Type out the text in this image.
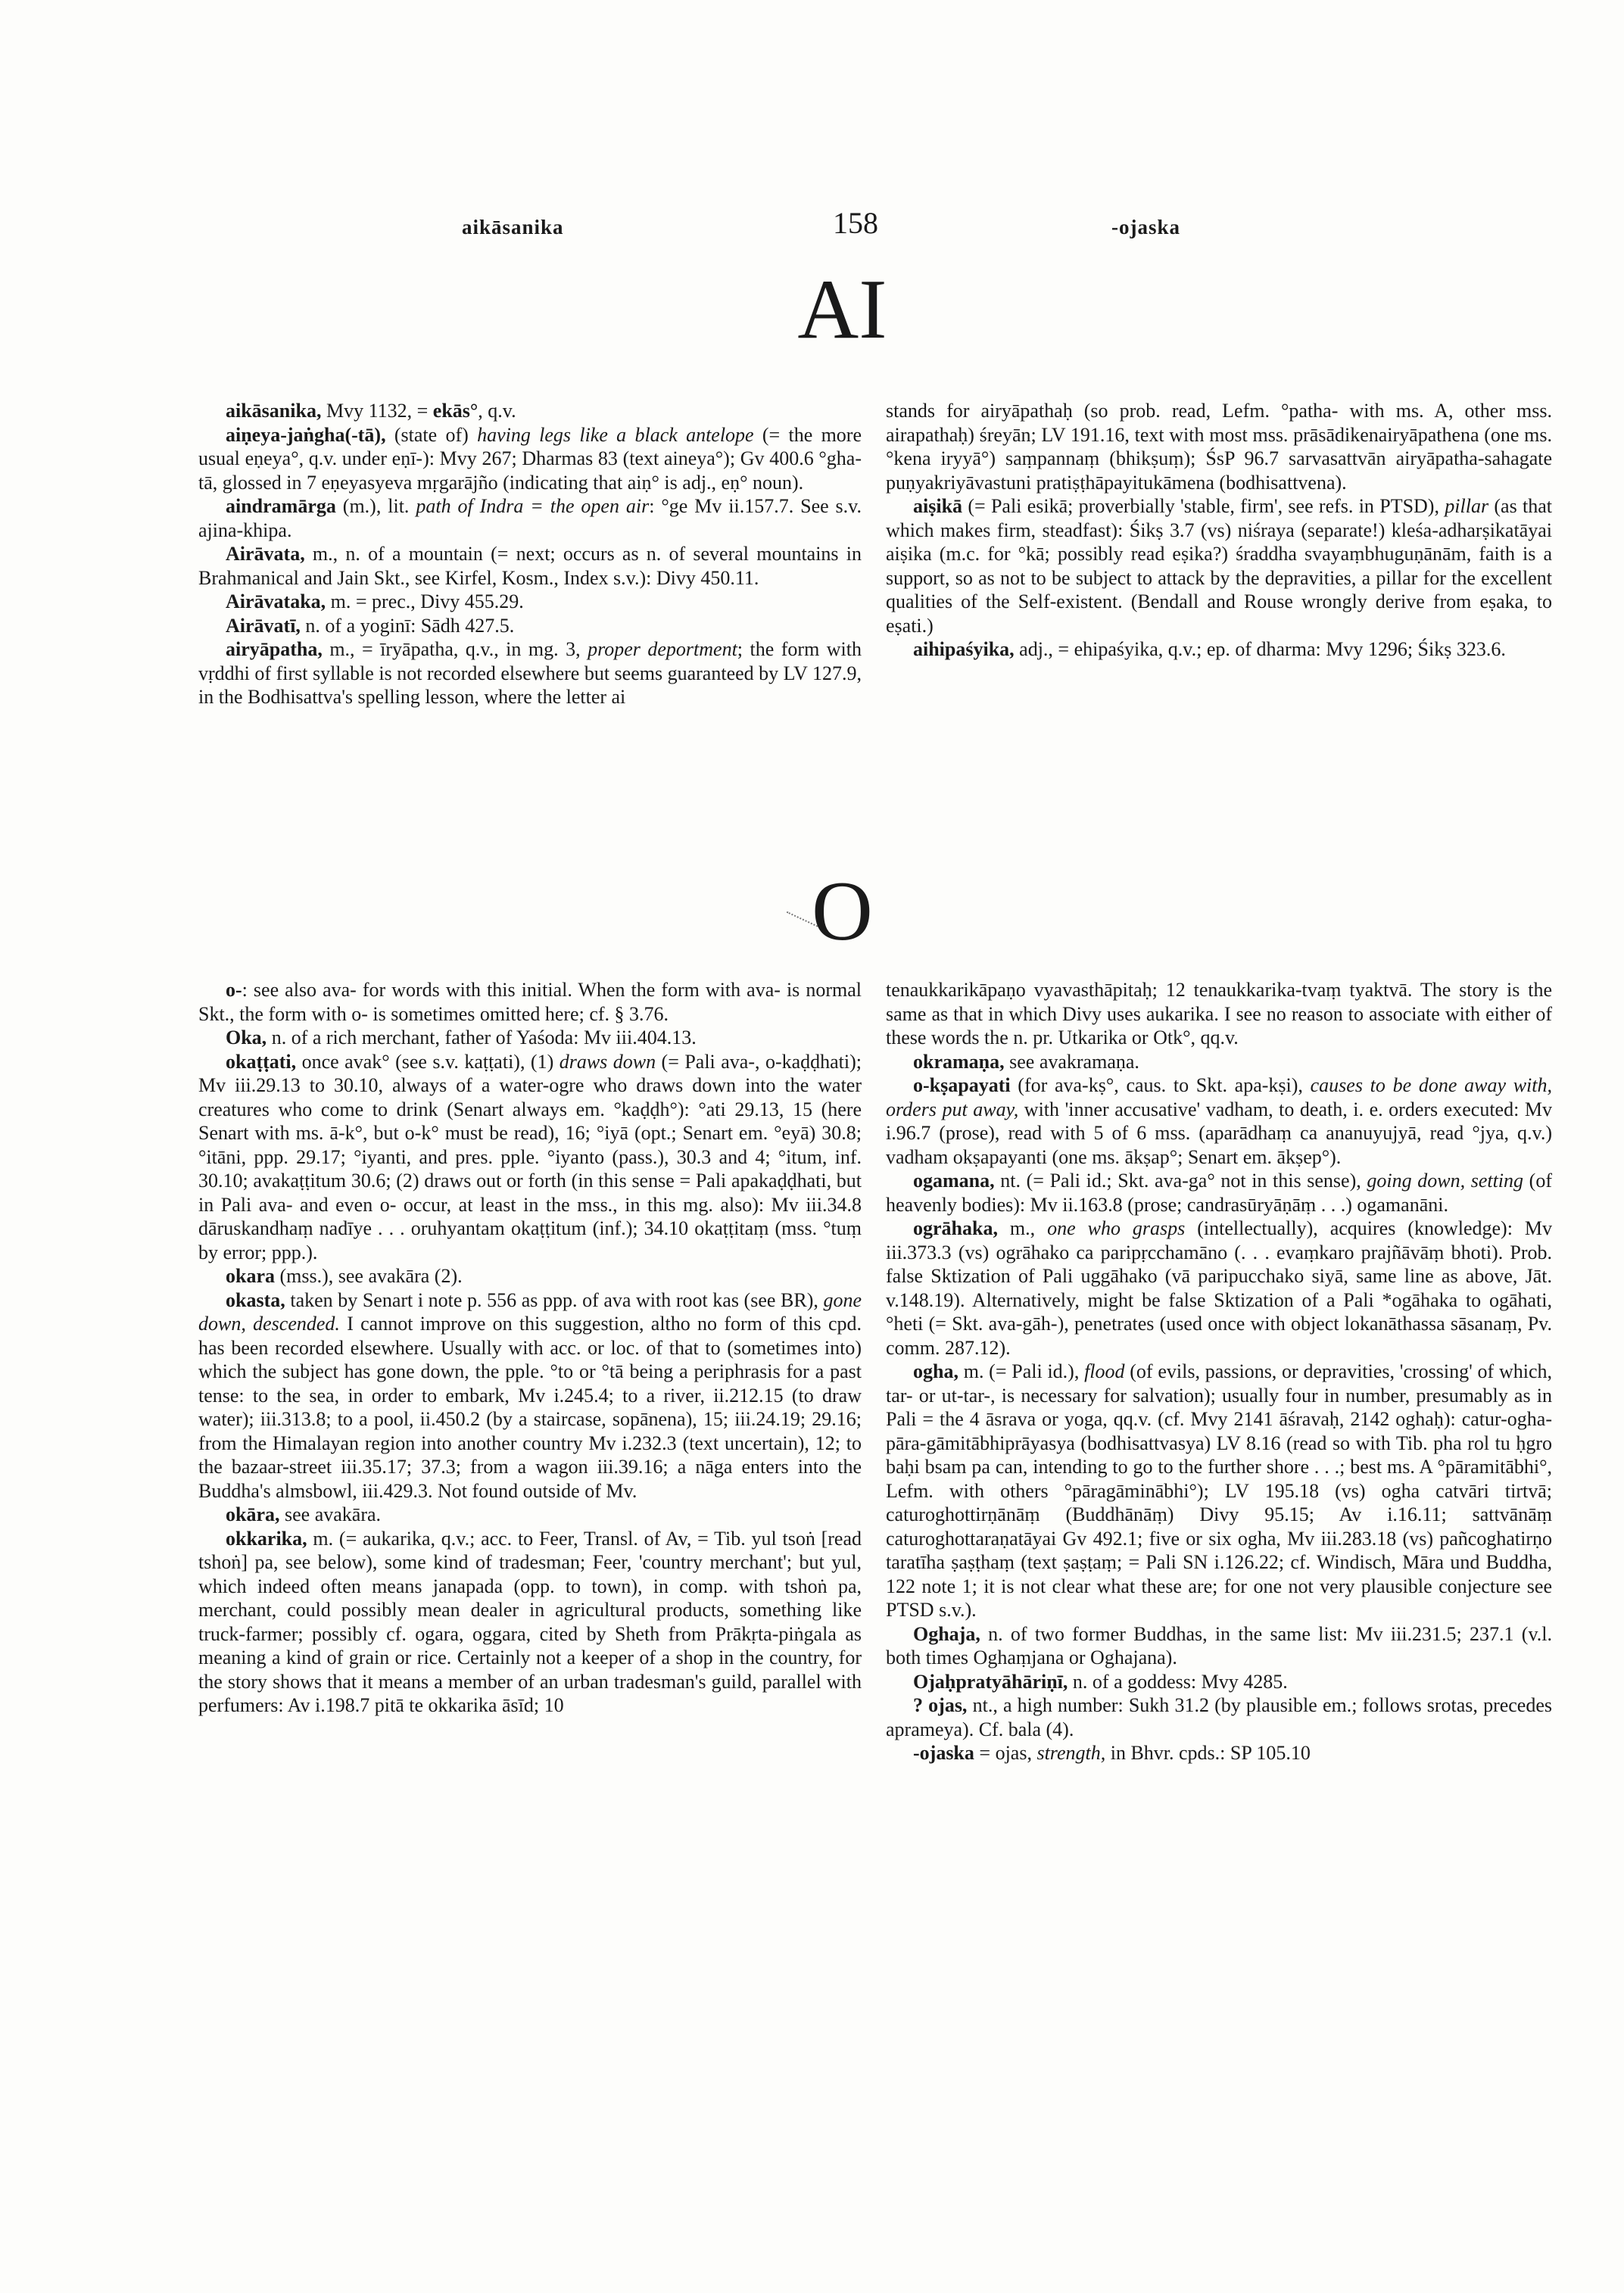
aikāsanika	158	-ojaska
AI

aikāsanika, Mvy 1132, = ekās°, q.v.

aiṇeya-jaṅgha(-tā), (state of) having legs like a black antelope (= the more usual eṇeya°, q.v. under eṇī-): Mvy 267; Dharmas 83 (text aineya°); Gv 400.6 °gha-tā, glossed in 7 eṇeyasyeva mṛgarājño (indicating that aiṇ° is adj., eṇ° noun).

aindramārga (m.), lit. path of Indra = the open air: °ge Mv ii.157.7. See s.v. ajina-khipa.

Airāvata, m., n. of a mountain (= next; occurs as n. of several mountains in Brahmanical and Jain Skt., see Kirfel, Kosm., Index s.v.): Divy 450.11.

Airāvataka, m. = prec., Divy 455.29.

Airāvatī, n. of a yoginī: Sādh 427.5.

airyāpatha, m., = īryāpatha, q.v., in mg. 3, proper deportment; the form with vṛddhi of first syllable is not recorded elsewhere but seems guaranteed by LV 127.9, in the Bodhisattva's spelling lesson, where the letter ai

stands for airyāpathaḥ (so prob. read, Lefm. °patha- with ms. A, other mss. airapathaḥ) śreyān; LV 191.16, text with most mss. prāsādikenairyāpathena (one ms. °kena iryyā°) saṃpannaṃ (bhikṣuṃ); ŚsP 96.7 sarvasattvān airyāpatha-sahagate puṇyakriyāvastuni pratiṣṭhāpayitukāmena (bodhisattvena).

aiṣikā (= Pali esikā; proverbially 'stable, firm', see refs. in PTSD), pillar (as that which makes firm, steadfast): Śikṣ 3.7 (vs) niśraya (separate!) kleśa-adharṣikatāyai aiṣika (m.c. for °kā; possibly read eṣika?) śraddha svayaṃbhuguṇānām, faith is a support, so as not to be subject to attack by the depravities, a pillar for the excellent qualities of the Self-existent. (Bendall and Rouse wrongly derive from eṣaka, to eṣati.)

aihipaśyika, adj., = ehipaśyika, q.v.; ep. of dharma: Mvy 1296; Śikṣ 323.6.

O

o-: see also ava- for words with this initial. When the form with ava- is normal Skt., the form with o- is sometimes omitted here; cf. § 3.76.

Oka, n. of a rich merchant, father of Yaśoda: Mv iii.404.13.

okaṭṭati, once avak° (see s.v. kaṭṭati), (1) draws down (= Pali ava-, o-kaḍḍhati); Mv iii.29.13 to 30.10, always of a water-ogre who draws down into the water creatures who come to drink (Senart always em. °kaḍḍh°): °ati 29.13, 15 (here Senart with ms. ā-k°, but o-k° must be read), 16; °iyā (opt.; Senart em. °eyā) 30.8; °itāni, ppp. 29.17; °iyanti, and pres. pple. °iyanto (pass.), 30.3 and 4; °itum, inf. 30.10; avakaṭṭitum 30.6; (2) draws out or forth (in this sense = Pali apakaḍḍhati, but in Pali ava- and even o- occur, at least in the mss., in this mg. also): Mv iii.34.8 dāruskandhaṃ nadīye . . . oruhyantam okaṭṭitum (inf.); 34.10 okaṭṭitaṃ (mss. °tuṃ by error; ppp.).

okara (mss.), see avakāra (2).

okasta, taken by Senart i note p. 556 as ppp. of ava with root kas (see BR), gone down, descended. I cannot improve on this suggestion, altho no form of this cpd. has been recorded elsewhere. Usually with acc. or loc. of that to (sometimes into) which the subject has gone down, the pple. °to or °tā being a periphrasis for a past tense: to the sea, in order to embark, Mv i.245.4; to a river, ii.212.15 (to draw water); iii.313.8; to a pool, ii.450.2 (by a staircase, sopānena), 15; iii.24.19; 29.16; from the Himalayan region into another country Mv i.232.3 (text uncertain), 12; to the bazaar-street iii.35.17; 37.3; from a wagon iii.39.16; a nāga enters into the Buddha's almsbowl, iii.429.3. Not found outside of Mv.

okāra, see avakāra.

okkarika, m. (= aukarika, q.v.; acc. to Feer, Transl. of Av, = Tib. yul tsoṅ [read tshoṅ] pa, see below), some kind of tradesman; Feer, 'country merchant'; but yul, which indeed often means janapada (opp. to town), in comp. with tshoṅ pa, merchant, could possibly mean dealer in agricultural products, something like truck-farmer; possibly cf. ogara, oggara, cited by Sheth from Prākṛta-piṅgala as meaning a kind of grain or rice. Certainly not a keeper of a shop in the country, for the story shows that it means a member of an urban tradesman's guild, parallel with perfumers: Av i.198.7 pitā te okkarika āsīd; 10

tenaukkarikāpaṇo vyavasthāpitaḥ; 12 tenaukkarika-tvaṃ tyaktvā. The story is the same as that in which Divy uses aukarika. I see no reason to associate with either of these words the n. pr. Utkarika or Otk°, qq.v.

okramaṇa, see avakramaṇa.

o-kṣapayati (for ava-kṣ°, caus. to Skt. apa-kṣi), causes to be done away with, orders put away, with 'inner accusative' vadham, to death, i. e. orders executed: Mv i.96.7 (prose), read with 5 of 6 mss. (aparādhaṃ ca ananuyujyā, read °jya, q.v.) vadham okṣapayanti (one ms. ākṣap°; Senart em. ākṣep°).

ogamana, nt. (= Pali id.; Skt. ava-ga° not in this sense), going down, setting (of heavenly bodies): Mv ii.163.8 (prose; candrasūryāṇāṃ . . .) ogamanāni.

ogrāhaka, m., one who grasps (intellectually), acquires (knowledge): Mv iii.373.3 (vs) ogrāhako ca paripṛcchamāno (. . . evaṃkaro prajñāvāṃ bhoti). Prob. false Sktization of Pali uggāhako (vā paripucchako siyā, same line as above, Jāt. v.148.19). Alternatively, might be false Sktization of a Pali *ogāhaka to ogāhati, °heti (= Skt. ava-gāh-), penetrates (used once with object lokanāthassa sāsanaṃ, Pv. comm. 287.12).

ogha, m. (= Pali id.), flood (of evils, passions, or depravities, 'crossing' of which, tar- or ut-tar-, is necessary for salvation); usually four in number, presumably as in Pali = the 4 āsrava or yoga, qq.v. (cf. Mvy 2141 āśravaḥ, 2142 oghaḥ): catur-ogha-pāra-gāmitābhiprāyasya (bodhisattvasya) LV 8.16 (read so with Tib. pha rol tu ḥgro baḥi bsam pa can, intending to go to the further shore . . .; best ms. A °pāramitābhi°, Lefm. with others °pāragāminābhi°); LV 195.18 (vs) ogha catvāri tirtvā; caturoghottirṇānāṃ (Buddhānāṃ) Divy 95.15; Av i.16.11; sattvānāṃ caturoghottaraṇatāyai Gv 492.1; five or six ogha, Mv iii.283.18 (vs) pañcoghatirṇo taratīha ṣaṣṭhaṃ (text ṣaṣṭaṃ; = Pali SN i.126.22; cf. Windisch, Māra und Buddha, 122 note 1; it is not clear what these are; for one not very plausible conjecture see PTSD s.v.).

Oghaja, n. of two former Buddhas, in the same list: Mv iii.231.5; 237.1 (v.l. both times Oghaṃjana or Oghajana).

Ojaḥpratyāhāriṇī, n. of a goddess: Mvy 4285.

? ojas, nt., a high number: Sukh 31.2 (by plausible em.; follows srotas, precedes aprameya). Cf. bala (4).

-ojaska = ojas, strength, in Bhvr. cpds.: SP 105.10
